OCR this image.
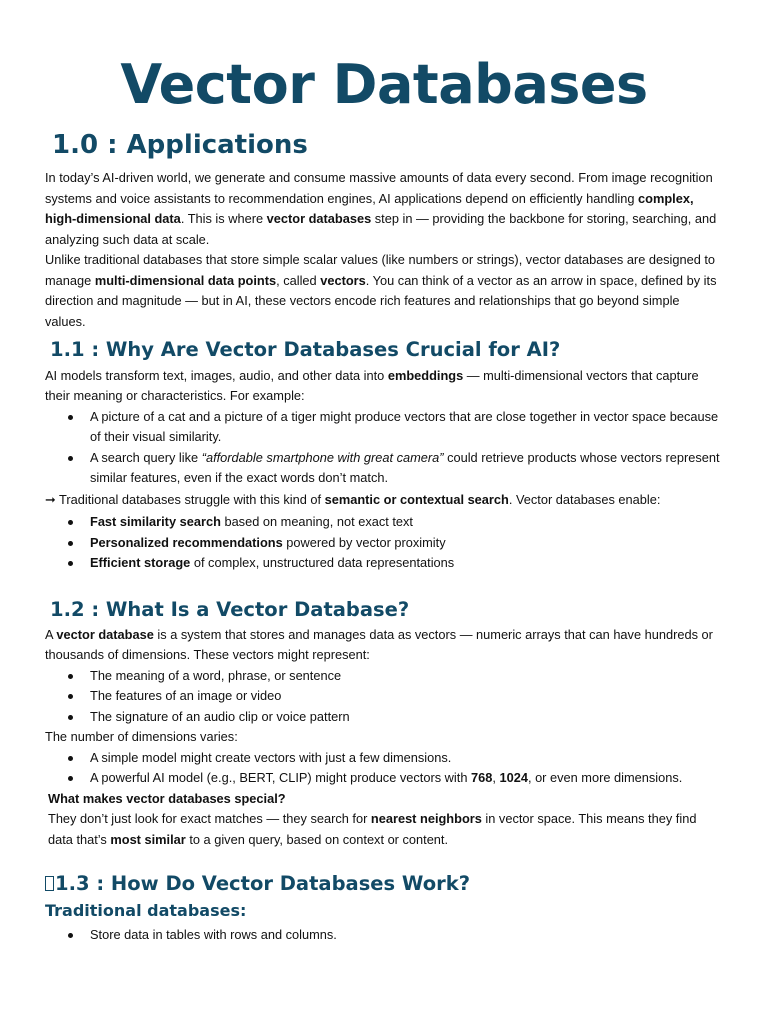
Vector Databases
1.0 : Applications

In today’s AI-driven world, we generate and consume massive amounts of data every second. From image recognition systems and voice assistants to recommendation engines, AI applications depend on efficiently handling complex, high-dimensional data. This is where vector databases step in — providing the backbone for storing, searching, and analyzing such data at scale.

Unlike traditional databases that store simple scalar values (like numbers or strings), vector databases are designed to manage multi-dimensional data points, called vectors. You can think of a vector as an arrow in space, defined by its direction and magnitude — but in AI, these vectors encode rich features and relationships that go beyond simple values.

1.1 : Why Are Vector Databases Crucial for AI?

AI models transform text, images, audio, and other data into embeddings — multi-dimensional vectors that capture their meaning or characteristics. For example:

A picture of a cat and a picture of a tiger might produce vectors that are close together in vector space because of their visual similarity.
A search query like “affordable smartphone with great camera” could retrieve products whose vectors represent similar features, even if the exact words don’t match.

➞ Traditional databases struggle with this kind of semantic or contextual search. Vector databases enable:

Fast similarity search based on meaning, not exact text
Personalized recommendations powered by vector proximity
Efficient storage of complex, unstructured data representations
1.2 : What Is a Vector Database?

A vector database is a system that stores and manages data as vectors — numeric arrays that can have hundreds or thousands of dimensions. These vectors might represent:

The meaning of a word, phrase, or sentence
The features of an image or video
The signature of an audio clip or voice pattern

The number of dimensions varies:

A simple model might create vectors with just a few dimensions.
A powerful AI model (e.g., BERT, CLIP) might produce vectors with 768, 1024, or even more dimensions.

What makes vector databases special?

They don’t just look for exact matches — they search for nearest neighbors in vector space. This means they find data that’s most similar to a given query, based on context or content.

1.3 : How Do Vector Databases Work?
Traditional databases:
Store data in tables with rows and columns.
